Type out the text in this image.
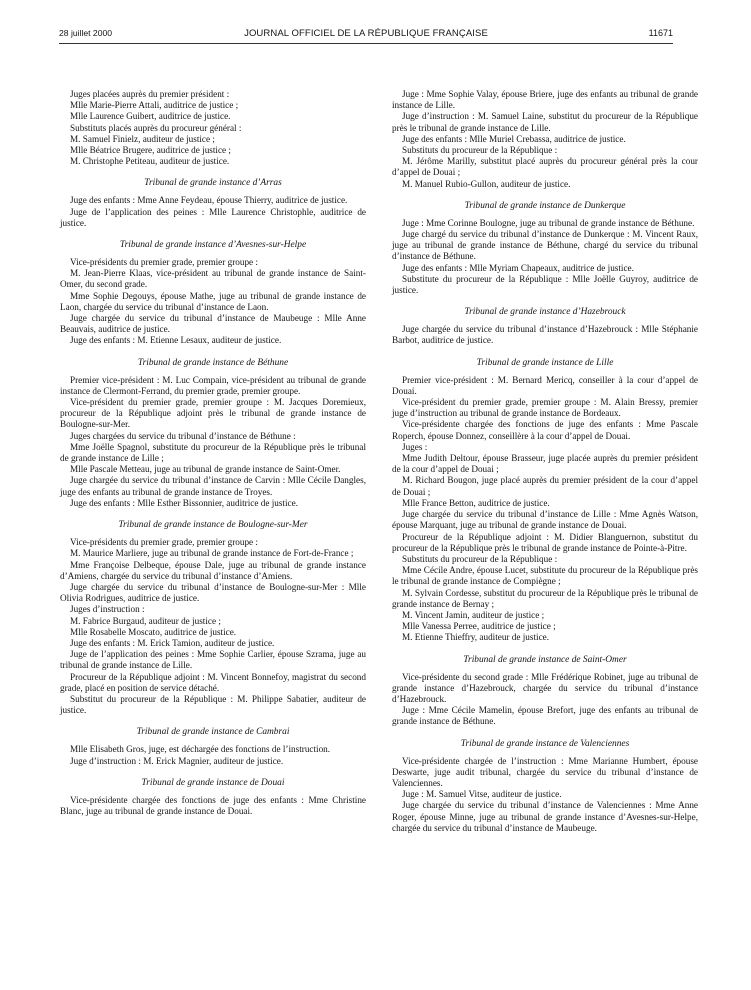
28 juillet 2000	JOURNAL OFFICIEL DE LA RÉPUBLIQUE FRANÇAISE	11671

Juges placées auprès du premier président :

Mlle Marie-Pierre Attali, auditrice de justice ;

Mlle Laurence Guibert, auditrice de justice.

Substituts placés auprès du procureur général :

M. Samuel Finielz, auditeur de justice ;

Mlle Béatrice Brugere, auditrice de justice ;

M. Christophe Petiteau, auditeur de justice.

Tribunal de grande instance d’Arras

Juge des enfants : Mme Anne Feydeau, épouse Thierry, auditrice de justice.

Juge de l’application des peines : Mlle Laurence Christophle, auditrice de justice.

Tribunal de grande instance d’Avesnes-sur-Helpe

Vice-présidents du premier grade, premier groupe :

M. Jean-Pierre Klaas, vice-président au tribunal de grande instance de Saint-Omer, du second grade.

Mme Sophie Degouys, épouse Mathe, juge au tribunal de grande instance de Laon, chargée du service du tribunal d’instance de Laon.

Juge chargée du service du tribunal d’instance de Maubeuge : Mlle Anne Beauvais, auditrice de justice.

Juge des enfants : M. Etienne Lesaux, auditeur de justice.

Tribunal de grande instance de Béthune

Premier vice-président : M. Luc Compain, vice-président au tribunal de grande instance de Clermont-Ferrand, du premier grade, premier groupe.

Vice-président du premier grade, premier groupe : M. Jacques Doremieux, procureur de la République adjoint près le tribunal de grande instance de Boulogne-sur-Mer.

Juges chargées du service du tribunal d’instance de Béthune :

Mme Joëlle Spagnol, substitute du procureur de la République près le tribunal de grande instance de Lille ;

Mlle Pascale Metteau, juge au tribunal de grande instance de Saint-Omer.

Juge chargée du service du tribunal d’instance de Carvin : Mlle Cécile Dangles, juge des enfants au tribunal de grande instance de Troyes.

Juge des enfants : Mlle Esther Bissonnier, auditrice de justice.

Tribunal de grande instance de Boulogne-sur-Mer

Vice-présidents du premier grade, premier groupe :

M. Maurice Marliere, juge au tribunal de grande instance de Fort-de-France ;

Mme Françoise Delbeque, épouse Dale, juge au tribunal de grande instance d’Amiens, chargée du service du tribunal d’instance d’Amiens.

Juge chargée du service du tribunal d’instance de Boulogne-sur-Mer : Mlle Olivia Rodrigues, auditrice de justice.

Juges d’instruction :

M. Fabrice Burgaud, auditeur de justice ;

Mlle Rosabelle Moscato, auditrice de justice.

Juge des enfants : M. Erick Tamion, auditeur de justice.

Juge de l’application des peines : Mme Sophie Carlier, épouse Szrama, juge au tribunal de grande instance de Lille.

Procureur de la République adjoint : M. Vincent Bonnefoy, magistrat du second grade, placé en position de service détaché.

Substitut du procureur de la République : M. Philippe Sabatier, auditeur de justice.

Tribunal de grande instance de Cambrai

Mlle Elisabeth Gros, juge, est déchargée des fonctions de l’instruction.

Juge d’instruction : M. Erick Magnier, auditeur de justice.

Tribunal de grande instance de Douai

Vice-présidente chargée des fonctions de juge des enfants : Mme Christine Blanc, juge au tribunal de grande instance de Douai.

Juge : Mme Sophie Valay, épouse Briere, juge des enfants au tribunal de grande instance de Lille.

Juge d’instruction : M. Samuel Laine, substitut du procureur de la République près le tribunal de grande instance de Lille.

Juge des enfants : Mlle Muriel Crebassa, auditrice de justice.

Substituts du procureur de la République :

M. Jérôme Marilly, substitut placé auprès du procureur général près la cour d’appel de Douai ;

M. Manuel Rubio-Gullon, auditeur de justice.

Tribunal de grande instance de Dunkerque

Juge : Mme Corinne Boulogne, juge au tribunal de grande instance de Béthune.

Juge chargé du service du tribunal d’instance de Dunkerque : M. Vincent Raux, juge au tribunal de grande instance de Béthune, chargé du service du tribunal d’instance de Béthune.

Juge des enfants : Mlle Myriam Chapeaux, auditrice de justice.

Substitute du procureur de la République : Mlle Joëlle Guyroy, auditrice de justice.

Tribunal de grande instance d’Hazebrouck

Juge chargée du service du tribunal d’instance d’Hazebrouck : Mlle Stéphanie Barbot, auditrice de justice.

Tribunal de grande instance de Lille

Premier vice-président : M. Bernard Mericq, conseiller à la cour d’appel de Douai.

Vice-président du premier grade, premier groupe : M. Alain Bressy, premier juge d’instruction au tribunal de grande instance de Bordeaux.

Vice-présidente chargée des fonctions de juge des enfants : Mme Pascale Roperch, épouse Donnez, conseillère à la cour d’appel de Douai.

Juges :

Mme Judith Deltour, épouse Brasseur, juge placée auprès du premier président de la cour d’appel de Douai ;

M. Richard Bougon, juge placé auprès du premier président de la cour d’appel de Douai ;

Mlle France Betton, auditrice de justice.

Juge chargée du service du tribunal d’instance de Lille : Mme Agnès Watson, épouse Marquant, juge au tribunal de grande instance de Douai.

Procureur de la République adjoint : M. Didier Blanguernon, substitut du procureur de la République près le tribunal de grande instance de Pointe-à-Pitre.

Substituts du procureur de la République :

Mme Cécile Andre, épouse Lucet, substitute du procureur de la République près le tribunal de grande instance de Compiègne ;

M. Sylvain Cordesse, substitut du procureur de la République près le tribunal de grande instance de Bernay ;

M. Vincent Jamin, auditeur de justice ;

Mlle Vanessa Perree, auditrice de justice ;

M. Etienne Thieffry, auditeur de justice.

Tribunal de grande instance de Saint-Omer

Vice-présidente du second grade : Mlle Frédérique Robinet, juge au tribunal de grande instance d’Hazebrouck, chargée du service du tribunal d’instance d’Hazebrouck.

Juge : Mme Cécile Mamelin, épouse Brefort, juge des enfants au tribunal de grande instance de Béthune.

Tribunal de grande instance de Valenciennes

Vice-présidente chargée de l’instruction : Mme Marianne Humbert, épouse Deswarte, juge audit tribunal, chargée du service du tribunal d’instance de Valenciennes.

Juge : M. Samuel Vitse, auditeur de justice.

Juge chargée du service du tribunal d’instance de Valenciennes : Mme Anne Roger, épouse Minne, juge au tribunal de grande instance d’Avesnes-sur-Helpe, chargée du service du tribunal d’instance de Maubeuge.
